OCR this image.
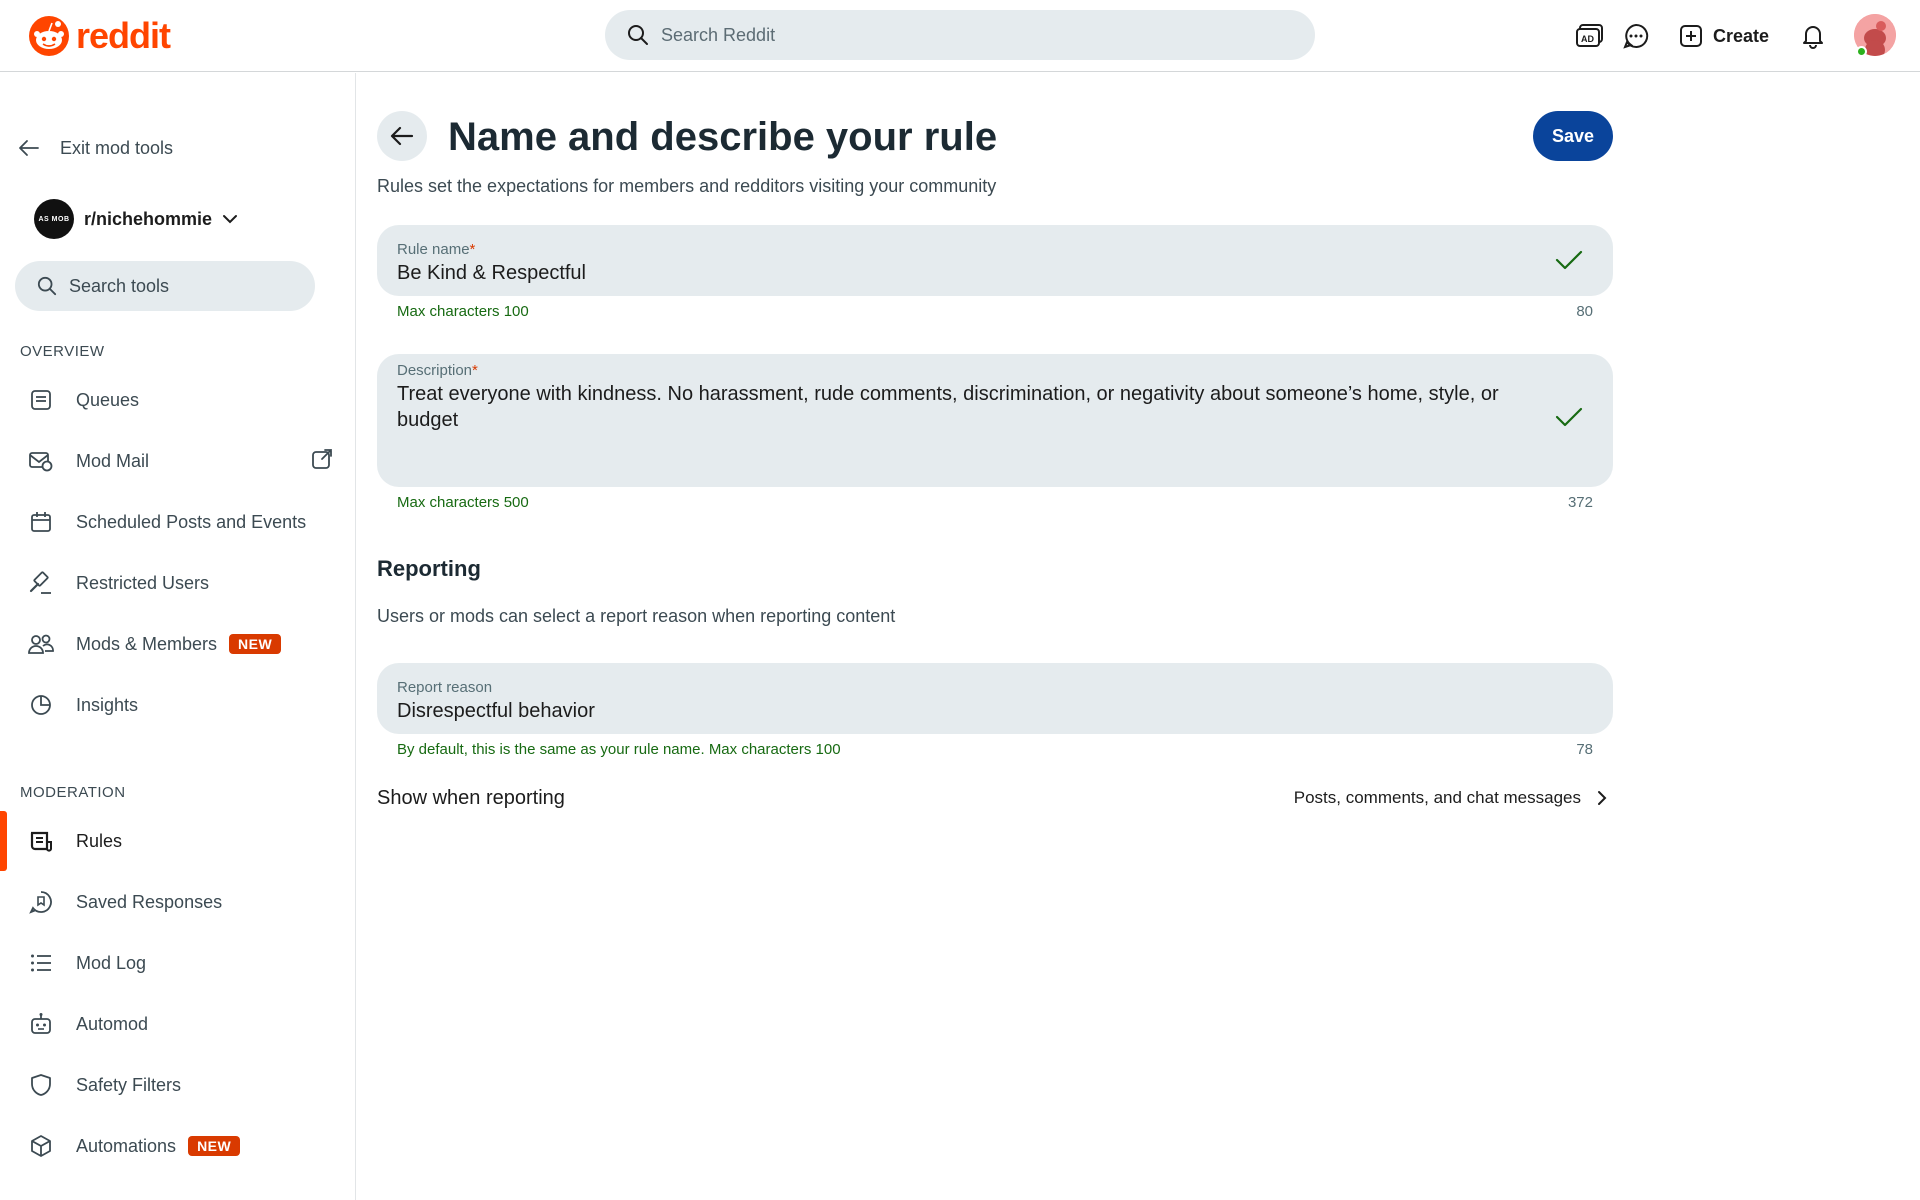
reddit
Search Reddit	AD	Create
Exit mod tools
AS MOB r/nichehommie
Search tools
OVERVIEW
Queues
Mod Mail
Scheduled Posts and Events
Restricted Users
Mods & Members	NEW
Insights
MODERATION
Rules
Saved Responses
Mod Log
Automod
Safety Filters
Automations	NEW
Name and describe your rule	Save
Rules set the expectations for members and redditors visiting your community
Rule name*
Be Kind & Respectful
Max characters 100	80
Description*
Treat everyone with kindness. No harassment, rude comments, discrimination, or negativity about someone’s home, style, or budget
Max characters 500	372
Reporting
Users or mods can select a report reason when reporting content
Report reason
Disrespectful behavior
By default, this is the same as your rule name. Max characters 100	78
Show when reporting	Posts, comments, and chat messages
